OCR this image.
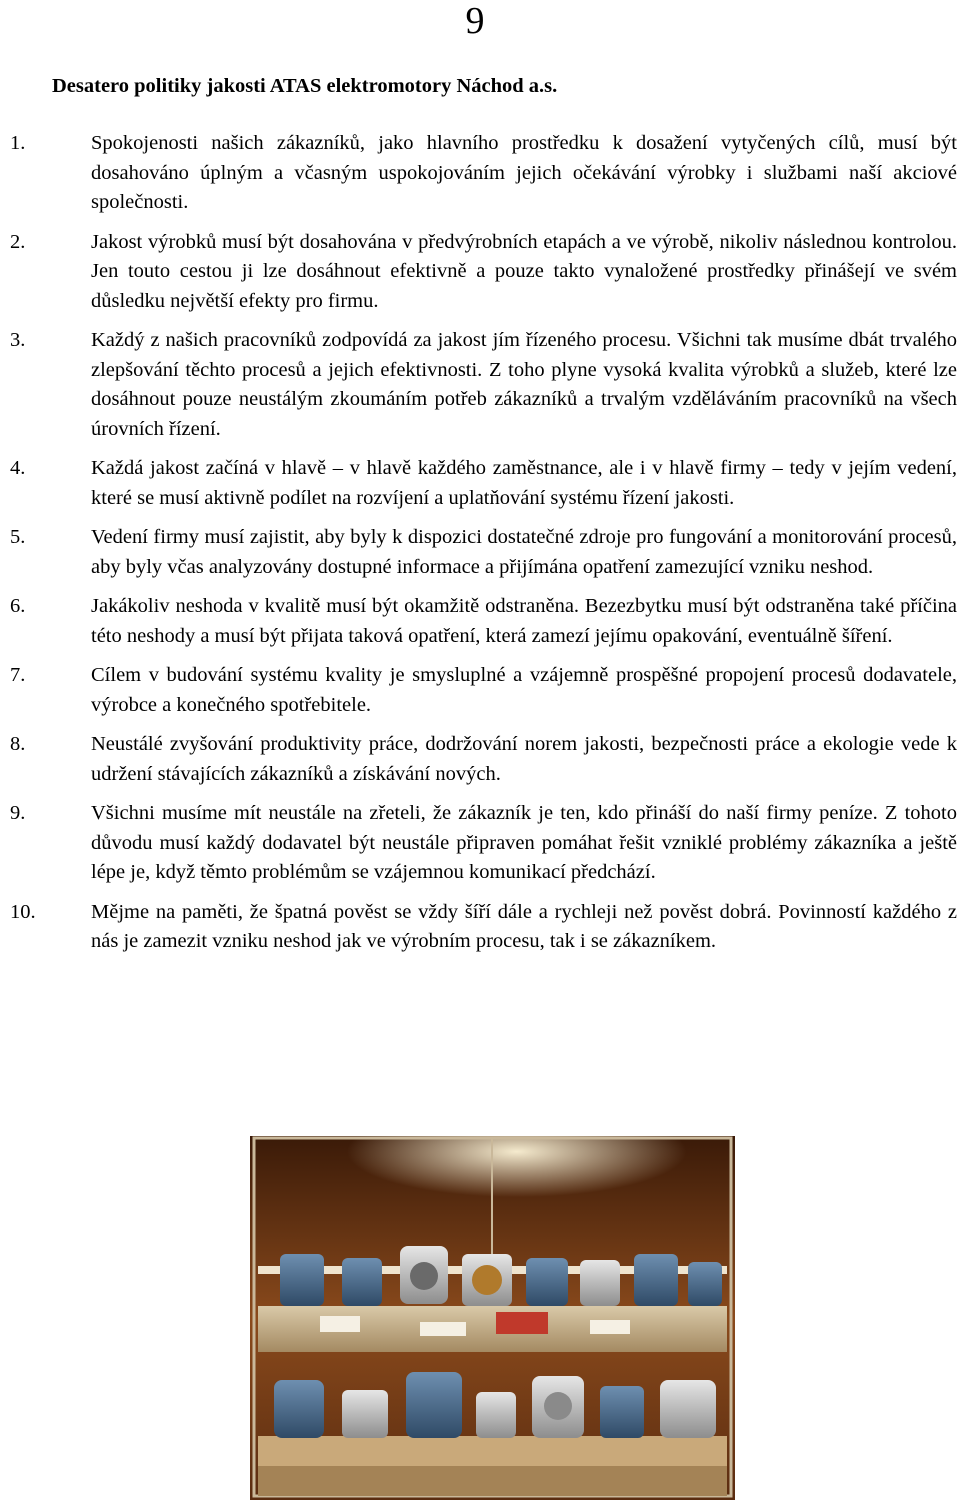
9
Desatero politiky jakosti ATAS elektromotory Náchod a.s.
1.	Spokojenosti našich zákazníků, jako hlavního prostředku k dosažení vytyčených cílů, musí být dosahováno úplným a včasným uspokojováním jejich očekávání výrobky i službami naší akciové společnosti.
2.	Jakost výrobků musí být dosahována v předvýrobních etapách a ve výrobě, nikoliv následnou kontrolou. Jen touto cestou ji lze dosáhnout efektivně a pouze takto vynaložené prostředky přinášejí ve svém důsledku největší efekty pro firmu.
3.	Každý z našich pracovníků zodpovídá za jakost jím řízeného procesu. Všichni tak musíme dbát trvalého zlepšování těchto procesů a jejich efektivnosti. Z toho plyne vysoká kvalita výrobků a služeb, které lze dosáhnout pouze neustálým zkoumáním potřeb zákazníků a trvalým vzděláváním pracovníků na všech úrovních řízení.
4.	Každá jakost začíná v hlavě – v hlavě každého zaměstnance, ale i v hlavě firmy – tedy v jejím vedení, které se musí aktivně podílet na rozvíjení a uplatňování systému řízení jakosti.
5.	Vedení firmy musí zajistit, aby byly k dispozici dostatečné zdroje pro fungování a monitorování procesů, aby byly včas analyzovány dostupné informace a přijímána opatření zamezující vzniku neshod.
6.	Jakákoliv neshoda v kvalitě musí být okamžitě odstraněna. Bezezbytku musí být odstraněna také příčina této neshody a musí být přijata taková opatření, která zamezí jejímu opakování, eventuálně šíření.
7.	Cílem v budování systému kvality je smysluplné a vzájemně prospěšné propojení procesů dodavatele, výrobce a konečného spotřebitele.
8.	Neustálé zvyšování produktivity práce, dodržování norem jakosti, bezpečnosti práce a ekologie vede k udržení stávajících zákazníků a získávání nových.
9.	Všichni musíme mít neustále na zřeteli, že zákazník je ten, kdo přináší do naší firmy peníze. Z tohoto důvodu musí každý dodavatel být neustále připraven pomáhat řešit vzniklé problémy zákazníka a ještě lépe je, když těmto problémům se vzájemnou komunikací předchází.
10.	Mějme na paměti, že špatná pověst se vždy šíří dále a rychleji než pověst dobrá. Povinností každého z nás je zamezit vzniku neshod jak ve výrobním procesu, tak i se zákazníkem.
